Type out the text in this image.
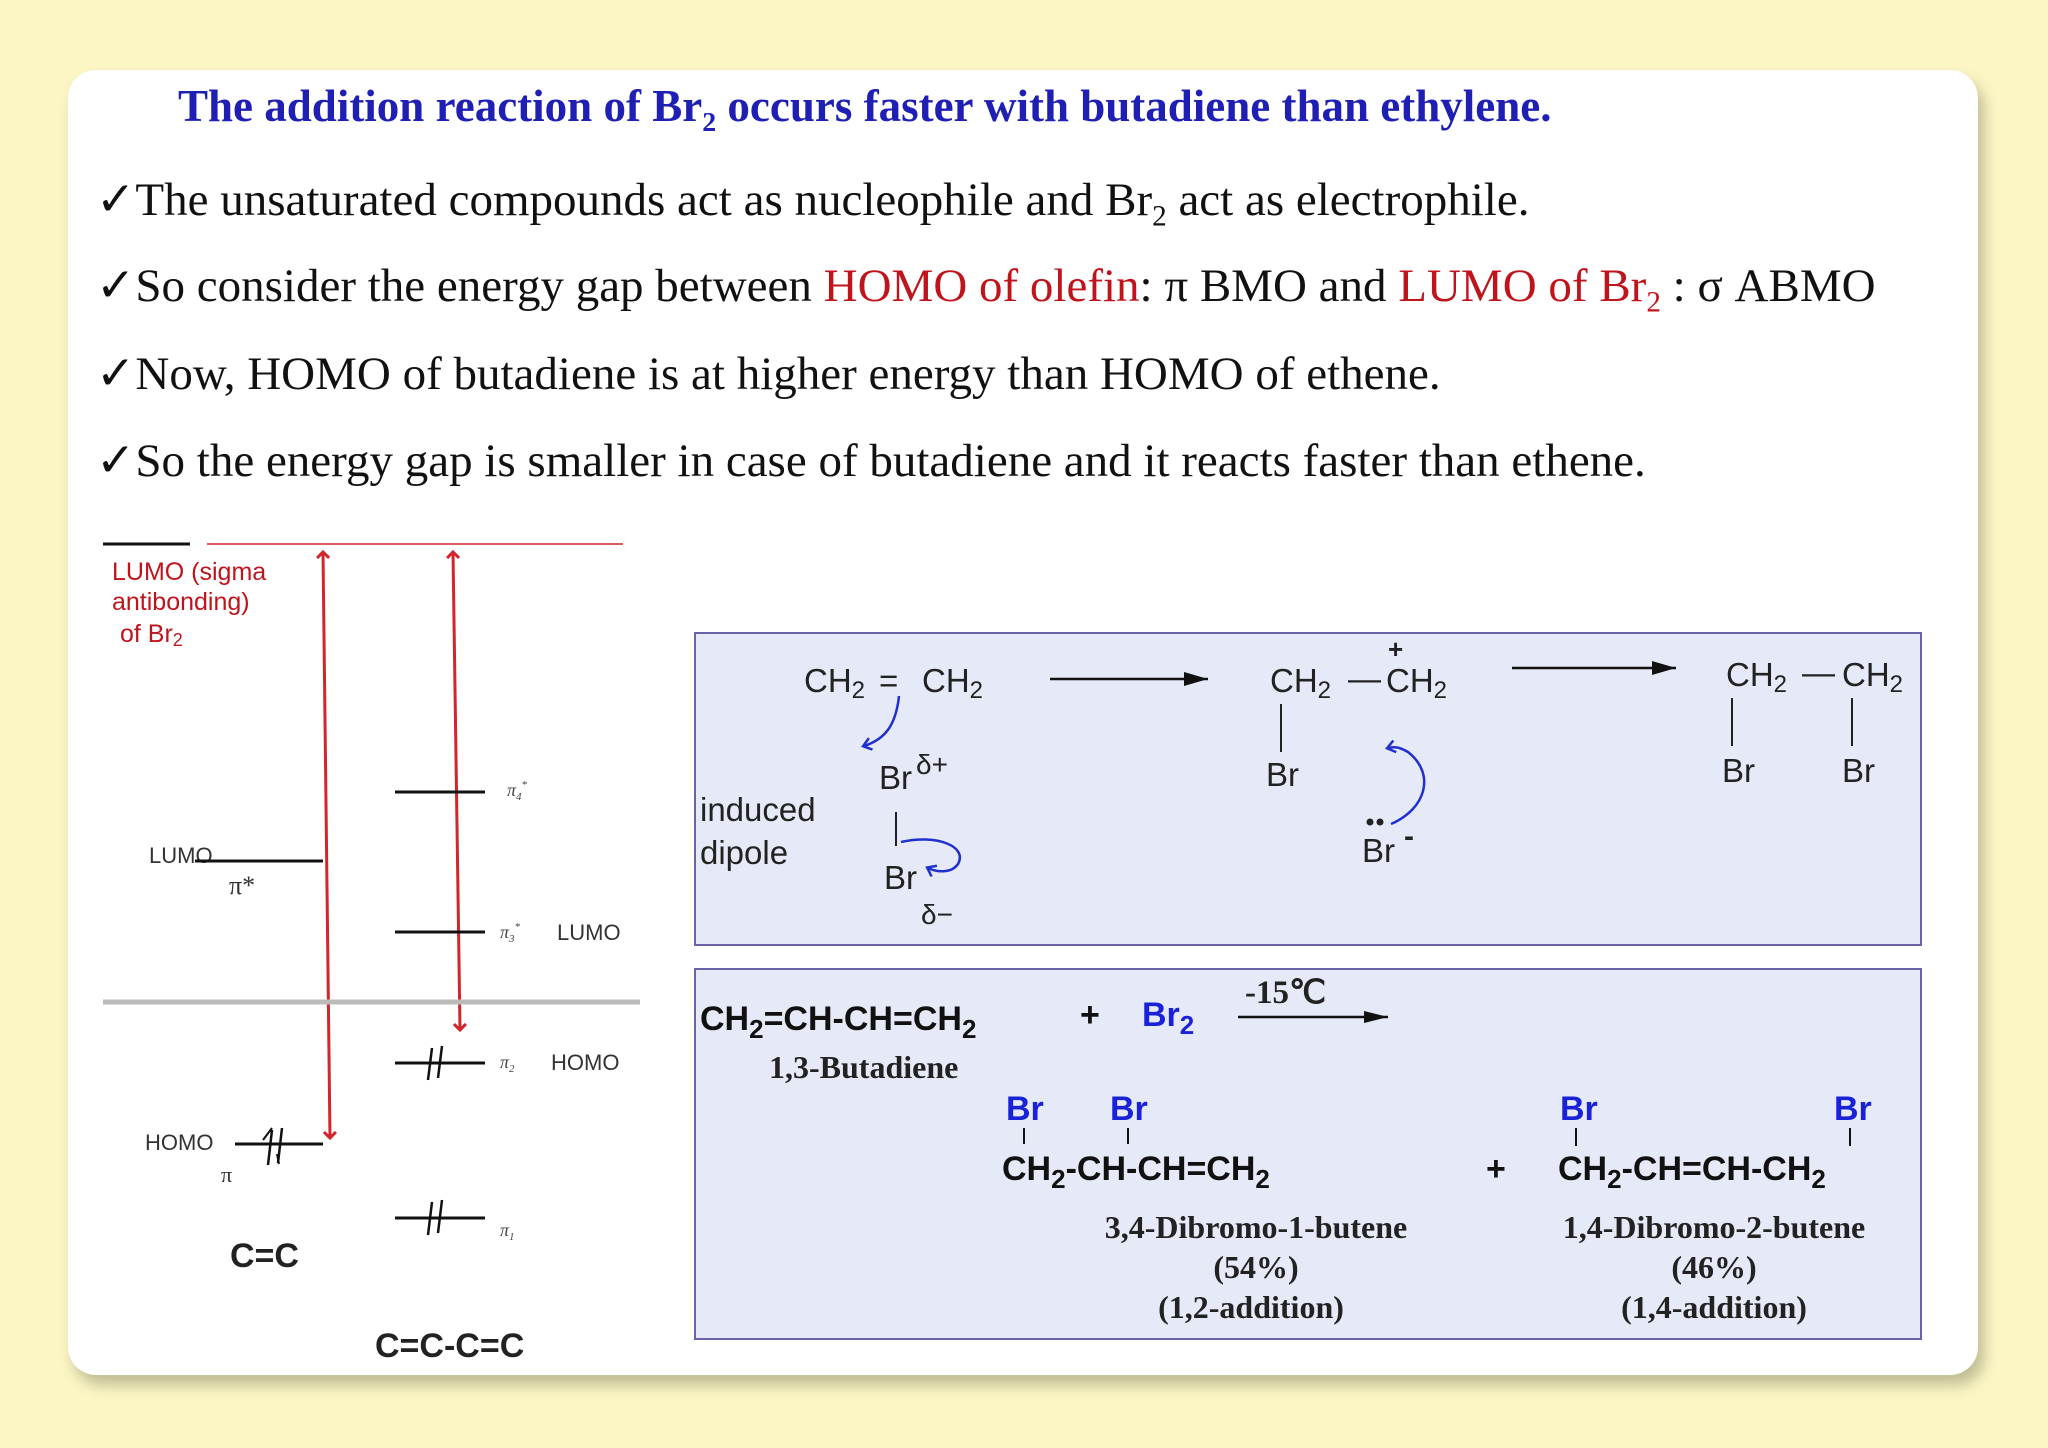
The addition reaction of $Br_2$ occurs faster with butadiene than ethylene.
✓The unsaturated compounds act as nucleophile and $Br_2$ act as electrophile.
✓So consider the energy gap between HOMO of olefin: π BMO and LUMO of $Br_2$ : σ ABMO
✓Now, HOMO of butadiene is at higher energy than HOMO of ethene.
✓So the energy gap is smaller in case of butadiene and it reacts faster than ethene.
LUMO (sigma
antibonding)
of Br2
LUMO
π*
HOMO
π
C=C
$\pi_4^*$
$\pi_3^*$ LUMO
$\pi_2$ HOMO
$\pi_1$
C=C-C=C
CH2 = CH2
Br δ+
Br
δ−
induced
dipole
CH2 — CH2
+
Br
Br -
CH2 — CH2
Br	Br
$CH_2=CH-CH=CH_2$	+ $Br_2$
Br Br
$CH_2-CH-CH=CH_2$	+
Br	Br
$CH_2-CH=CH-CH_2$
-15℃
1,3-Butadiene
3,4-Dibromo-1-butene
(54%)
(1,2-addition)
1,4-Dibromo-2-butene
(46%)
(1,4-addition)
